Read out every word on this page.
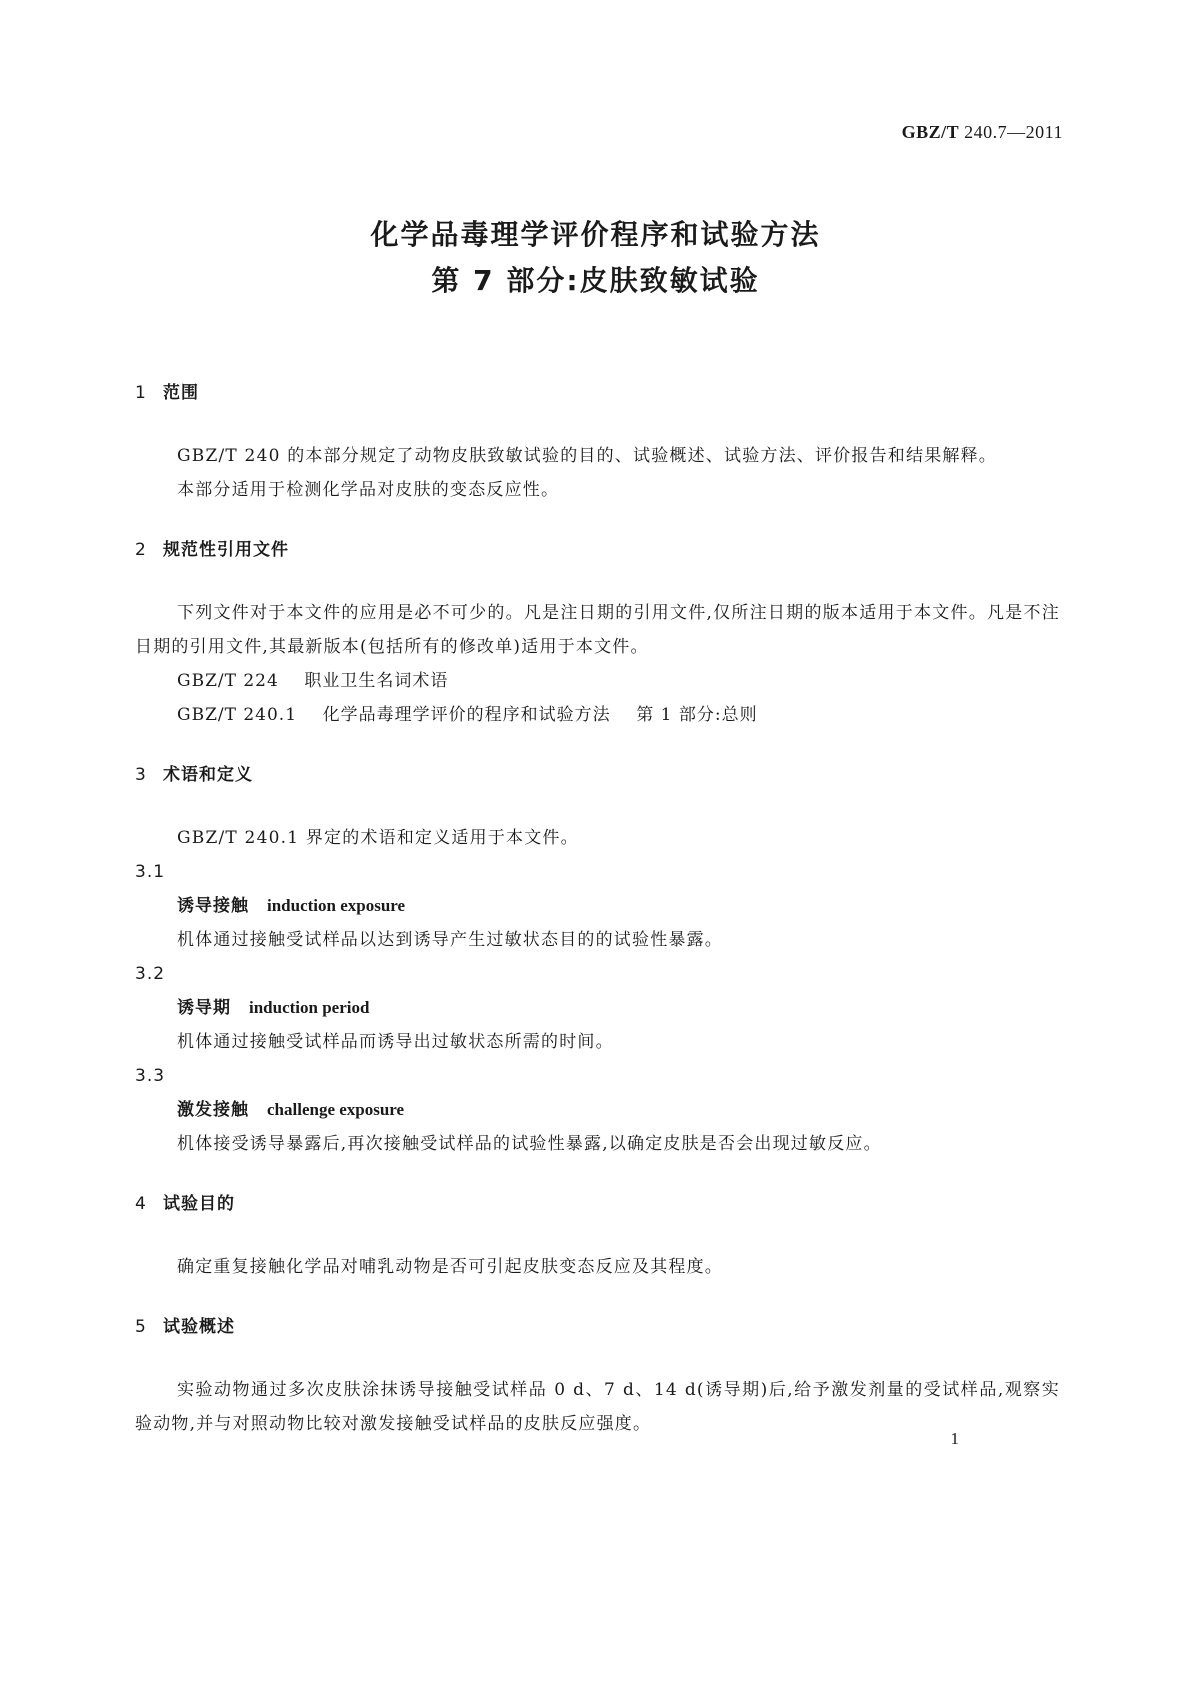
GBZ/T 240.7—2011
化学品毒理学评价程序和试验方法
第 7 部分:皮肤致敏试验
1 范围

GBZ/T 240 的本部分规定了动物皮肤致敏试验的目的、试验概述、试验方法、评价报告和结果解释。

本部分适用于检测化学品对皮肤的变态反应性。

2 规范性引用文件

下列文件对于本文件的应用是必不可少的。凡是注日期的引用文件,仅所注日期的版本适用于本文件。凡是不注日期的引用文件,其最新版本(包括所有的修改单)适用于本文件。

GBZ/T 224    职业卫生名词术语

GBZ/T 240.1    化学品毒理学评价的程序和试验方法    第 1 部分:总则

3 术语和定义

GBZ/T 240.1 界定的术语和定义适用于本文件。

3.1

诱导接触 induction exposure

机体通过接触受试样品以达到诱导产生过敏状态目的的试验性暴露。

3.2

诱导期 induction period

机体通过接触受试样品而诱导出过敏状态所需的时间。

3.3

激发接触 challenge exposure

机体接受诱导暴露后,再次接触受试样品的试验性暴露,以确定皮肤是否会出现过敏反应。

4 试验目的

确定重复接触化学品对哺乳动物是否可引起皮肤变态反应及其程度。

5 试验概述

实验动物通过多次皮肤涂抹诱导接触受试样品 0 d、7 d、14 d(诱导期)后,给予激发剂量的受试样品,观察实验动物,并与对照动物比较对激发接触受试样品的皮肤反应强度。

1
